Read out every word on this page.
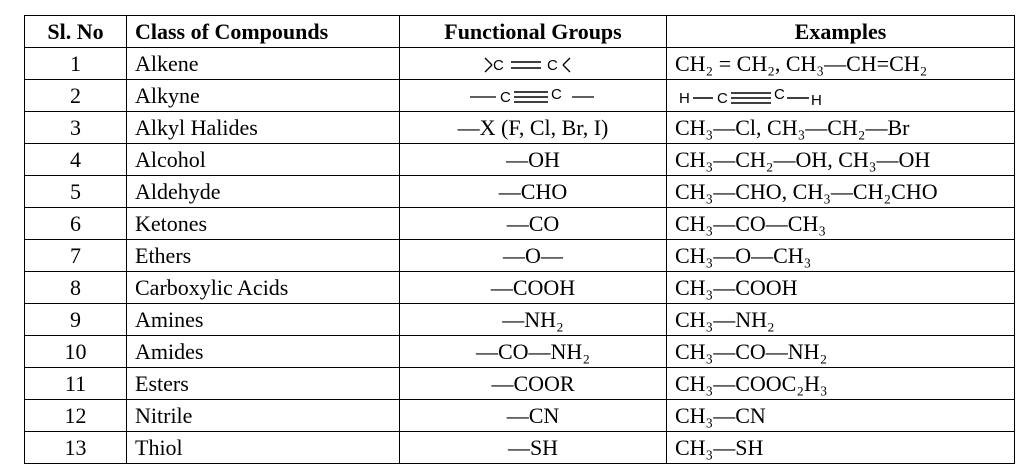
Sl. No	Class of Compounds	Functional Groups	Examples
1	Alkene	C C	CH₂ = CH₂, CH₃—CH=CH₂
2	Alkyne	C C	H C C H

3	Alkyl Halides	—X (F, Cl, Br, I)	CH₃—Cl, CH₃—CH₂—Br
4	Alcohol	—OH	CH₃—CH₂—OH, CH₃—OH
5	Aldehyde	—CHO	CH₃—CHO, CH₃—CH₂CHO
6	Ketones	—CO	CH₃—CO—CH₃
7	Ethers	—O—	CH₃—O—CH₃
8	Carboxylic Acids	—COOH	CH₃—COOH
9	Amines	—NH₂	CH₃—NH₂
10	Amides	—CO—NH₂	CH₃—CO—NH₂
11	Esters	—COOR	CH₃—COOC₂H₃
12	Nitrile	—CN	CH₃—CN
13	Thiol	—SH	CH₃—SH
